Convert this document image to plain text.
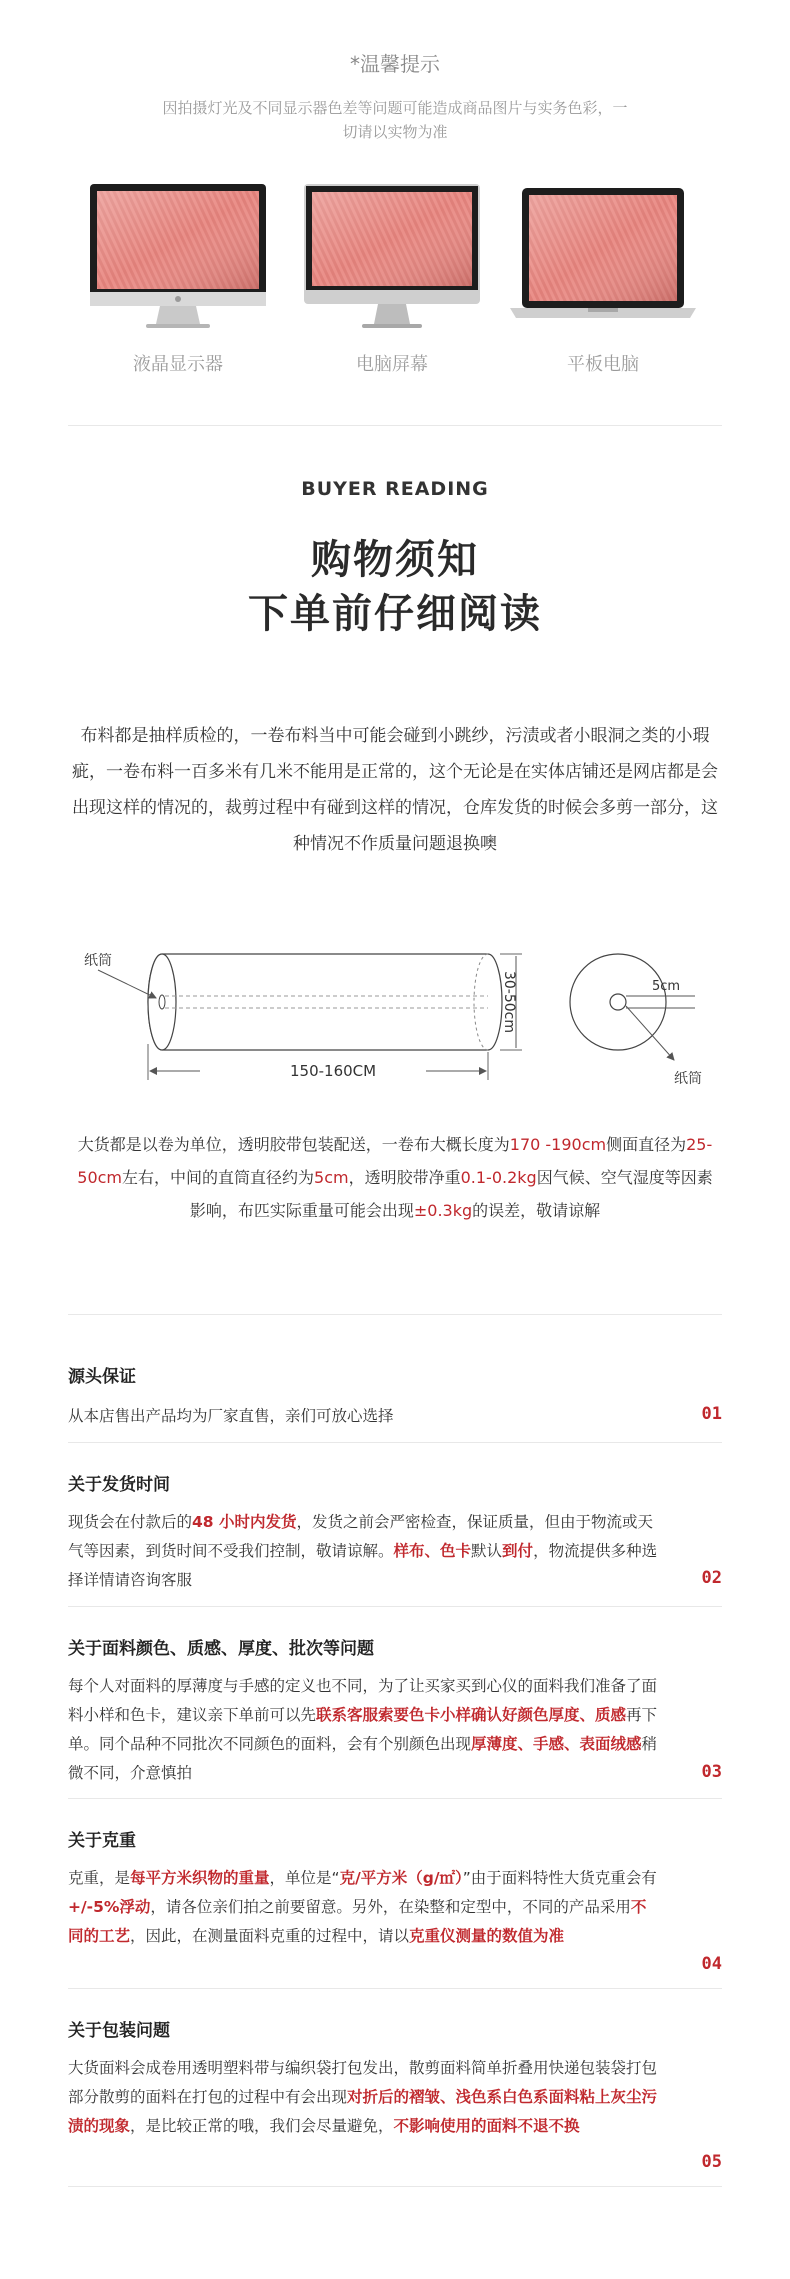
*温馨提示
因拍摄灯光及不同显示器色差等问题可能造成商品图片与实务色彩，一切请以实物为准
液晶显示器	电脑屏幕	平板电脑
BUYER READING
购物须知
下单前仔细阅读
布料都是抽样质检的，一卷布料当中可能会碰到小跳纱，污渍或者小眼洞之类的小瑕疵，一卷布料一百多米有几米不能用是正常的，这个无论是在实体店铺还是网店都是会出现这样的情况的，裁剪过程中有碰到这样的情况，仓库发货的时候会多剪一部分，这种情况不作质量问题退换噢
纸筒
150-160CM
30-50cm	5cm
纸筒
大货都是以卷为单位，透明胶带包装配送，一卷布大概长度为170 -190cm侧面直径为25-50cm左右，中间的直筒直径约为5cm，透明胶带净重0.1-0.2kg因气候、空气湿度等因素影响，布匹实际重量可能会出现±0.3kg的误差，敬请谅解
源头保证
从本店售出产品均为厂家直售，亲们可放心选择	01
关于发货时间
现货会在付款后的48 小时内发货，发货之前会严密检查，保证质量，但由于物流或天气等因素，到货时间不受我们控制，敬请谅解。样布、色卡默认到付，物流提供多种选择详情请咨询客服	02
关于面料颜色、质感、厚度、批次等问题
每个人对面料的厚薄度与手感的定义也不同，为了让买家买到心仪的面料我们准备了面料小样和色卡，建议亲下单前可以先联系客服索要色卡小样确认好颜色厚度、质感再下单。同个品种不同批次不同颜色的面料，会有个别颜色出现厚薄度、手感、表面绒感稍微不同，介意慎拍	03
关于克重
克重，是每平方米织物的重量，单位是“克/平方米（g/㎡）”由于面料特性大货克重会有+/-5%浮动，请各位亲们拍之前要留意。另外，在染整和定型中，不同的产品采用不同的工艺，因此，在测量面料克重的过程中，请以克重仪测量的数值为准
04
关于包装问题
大货面料会成卷用透明塑料带与编织袋打包发出，散剪面料简单折叠用快递包装袋打包部分散剪的面料在打包的过程中有会出现对折后的褶皱、浅色系白色系面料粘上灰尘污渍的现象，是比较正常的哦，我们会尽量避免，不影响使用的面料不退不换
05
